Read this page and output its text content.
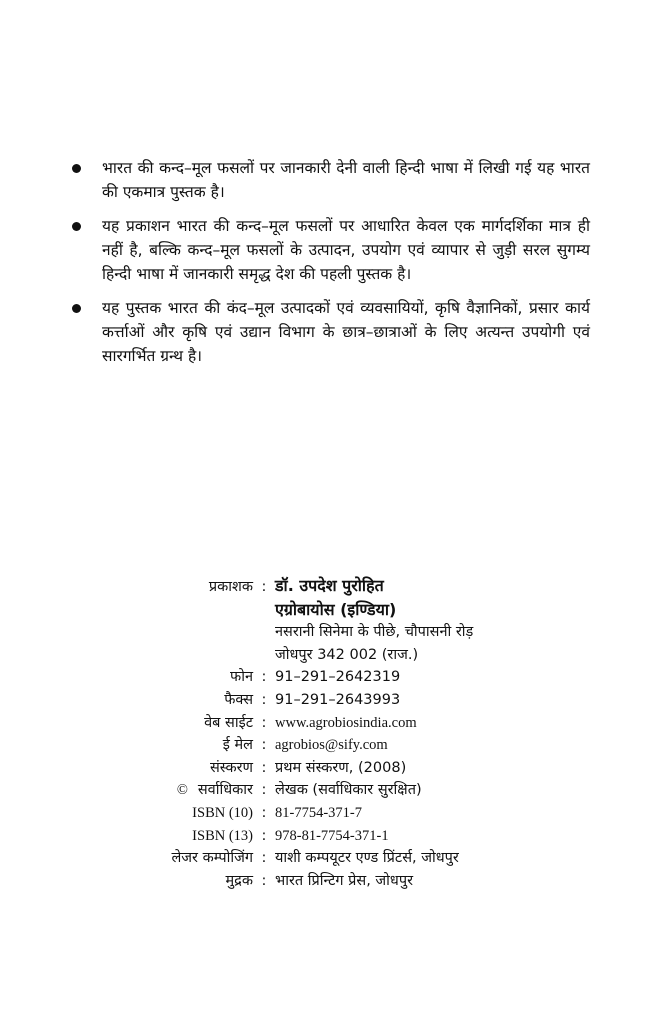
भारत की कन्द–मूल फसलों पर जानकारी देनी वाली हिन्दी भाषा में लिखी गई यह भारत की एकमात्र पुस्तक है।
यह प्रकाशन भारत की कन्द–मूल फसलों पर आधारित केवल एक मार्गदर्शिका मात्र ही नहीं है, बल्कि कन्द–मूल फसलों के उत्पादन, उपयोग एवं व्यापार से जुड़ी सरल सुगम्य हिन्दी भाषा में जानकारी समृद्ध देश की पहली पुस्तक है।
यह पुस्तक भारत की कंद–मूल उत्पादकों एवं व्यवसायियों, कृषि वैज्ञानिकों, प्रसार कार्य कर्त्ताओं और कृषि एवं उद्यान विभाग के छात्र–छात्राओं के लिए अत्यन्त उपयोगी एवं सारगर्भित ग्रन्थ है।
प्रकाशक : डॉ. उपदेश पुरोहित
एग्रोबायोस (इण्डिया)
नसरानी सिनेमा के पीछे, चौपासनी रोड़
जोधपुर 342 002 (राज.)
फोन : 91–291–2642319
फैक्स : 91–291–2643993
वेब साईट : www.agrobiosindia.com
ई मेल : agrobios@sify.com
संस्करण : प्रथम संस्करण, (2008)
© सर्वाधिकार : लेखक (सर्वाधिकार सुरक्षित)
ISBN (10) : 81-7754-371-7
ISBN (13) : 978-81-7754-371-1
लेजर कम्पोजिंग : याशी कम्पयूटर एण्ड प्रिंटर्स, जोधपुर
मुद्रक : भारत प्रिन्टिग प्रेस, जोधपुर
